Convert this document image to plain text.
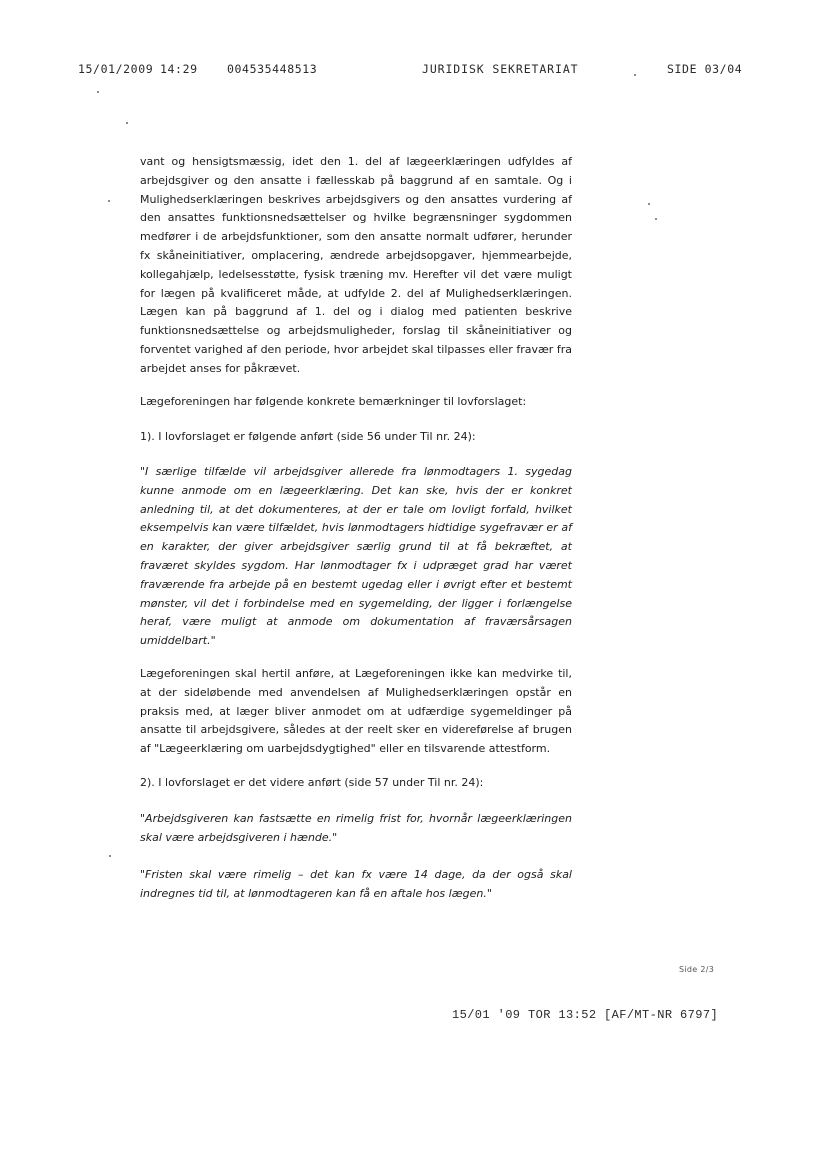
15/01/2009 14:29	004535448513	JURIDISK SEKRETARIAT	SIDE 03/04

vant og hensigtsmæssig, idet den 1. del af lægeerklæringen udfyldes af arbejdsgiver og den ansatte i fællesskab på baggrund af en samtale. Og i Mulighedserklæringen beskrives arbejdsgivers og den ansattes vurdering af den ansattes funktionsnedsættelser og hvilke begrænsninger sygdommen medfører i de arbejdsfunktioner, som den ansatte normalt udfører, herunder fx skåneinitiativer, omplacering, ændrede arbejdsopgaver, hjemmearbejde, kollegahjælp, ledelsesstøtte, fysisk træning mv. Herefter vil det være muligt for lægen på kvalificeret måde, at udfylde 2. del af Mulighedserklæringen. Lægen kan på baggrund af 1. del og i dialog med patienten beskrive funktionsnedsættelse og arbejdsmuligheder, forslag til skåneinitiativer og forventet varighed af den periode, hvor arbejdet skal tilpasses eller fravær fra arbejdet anses for påkrævet.

Lægeforeningen har følgende konkrete bemærkninger til lovforslaget:

1). I lovforslaget er følgende anført (side 56 under Til nr. 24):

"I særlige tilfælde vil arbejdsgiver allerede fra lønmodtagers 1. sygedag kunne anmode om en lægeerklæring. Det kan ske, hvis der er konkret anledning til, at det dokumenteres, at der er tale om lovligt forfald, hvilket eksempelvis kan være tilfældet, hvis lønmodtagers hidtidige sygefravær er af en karakter, der giver arbejdsgiver særlig grund til at få bekræftet, at fraværet skyldes sygdom. Har lønmodtager fx i udpræget grad har været fraværende fra arbejde på en bestemt ugedag eller i øvrigt efter et bestemt mønster, vil det i forbindelse med en sygemelding, der ligger i forlængelse heraf, være muligt at anmode om dokumentation af fraværsårsagen umiddelbart."

Lægeforeningen skal hertil anføre, at Lægeforeningen ikke kan medvirke til, at der sideløbende med anvendelsen af Mulighedserklæringen opstår en praksis med, at læger bliver anmodet om at udfærdige sygemeldinger på ansatte til arbejdsgivere, således at der reelt sker en videreførelse af brugen af "Lægeerklæring om uarbejdsdygtighed" eller en tilsvarende attestform.

2). I lovforslaget er det videre anført (side 57 under Til nr. 24):

"Arbejdsgiveren kan fastsætte en rimelig frist for, hvornår lægeerklæringen skal være arbejdsgiveren i hænde."

"Fristen skal være rimelig – det kan fx være 14 dage, da der også skal indregnes tid til, at lønmodtageren kan få en aftale hos lægen."

Side 2/3
15/01 '09 TOR 13:52 [AF/MT-NR 6797]
